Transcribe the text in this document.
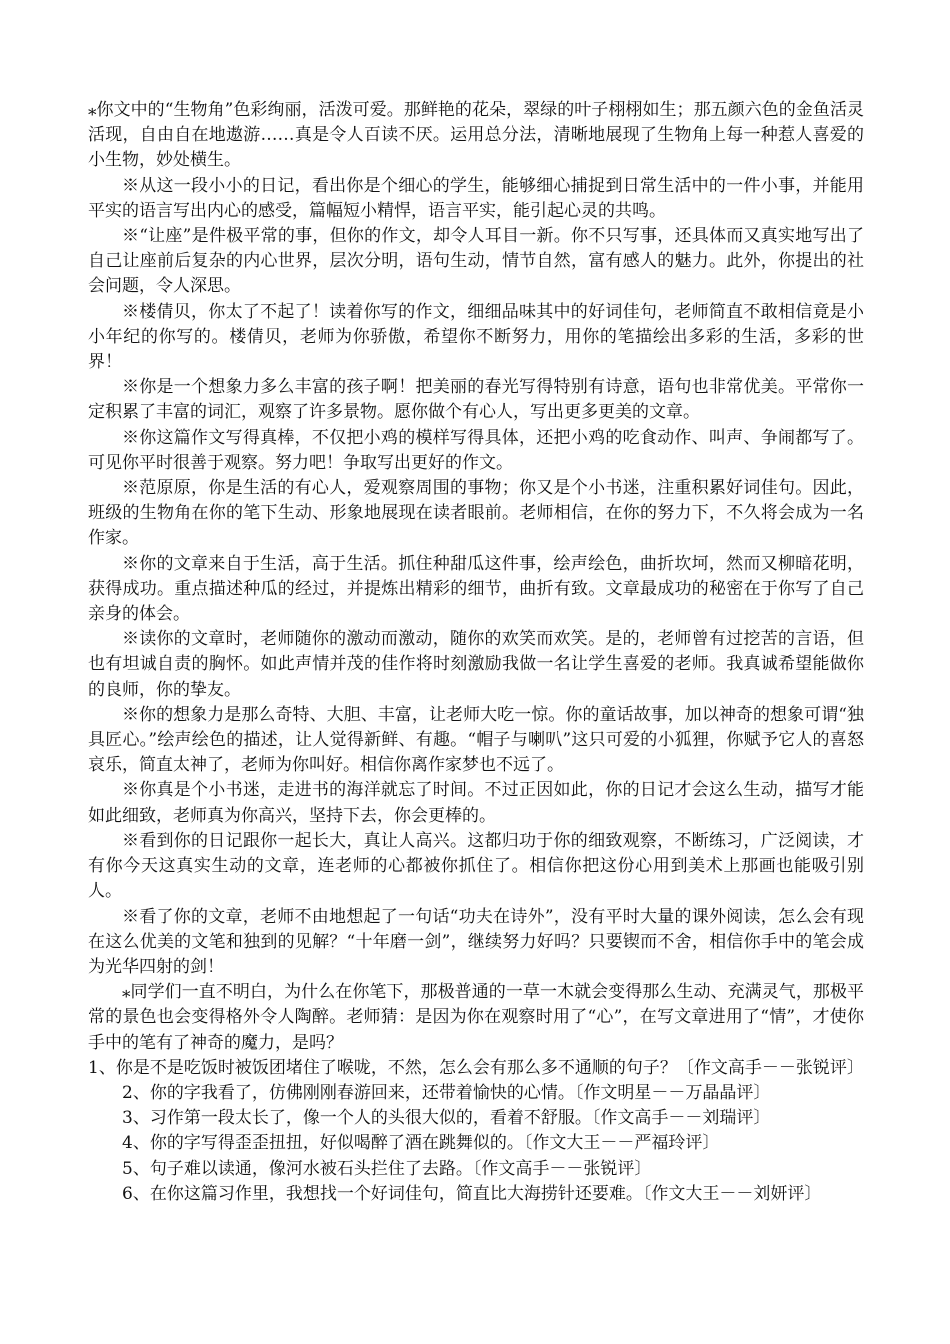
⁎你文中的“生物角”色彩绚丽，活泼可爱。那鲜艳的花朵，翠绿的叶子栩栩如生；那五颜六色的金鱼活灵活现，自由自在地遨游……真是令人百读不厌。运用总分法，清晰地展现了生物角上每一种惹人喜爱的小生物，妙处横生。

※从这一段小小的日记，看出你是个细心的学生，能够细心捕捉到日常生活中的一件小事，并能用平实的语言写出内心的感受，篇幅短小精悍，语言平实，能引起心灵的共鸣。

※“让座”是件极平常的事，但你的作文，却令人耳目一新。你不只写事，还具体而又真实地写出了自己让座前后复杂的内心世界，层次分明，语句生动，情节自然，富有感人的魅力。此外，你提出的社会问题，令人深思。

※楼倩贝，你太了不起了！读着你写的作文，细细品味其中的好词佳句，老师简直不敢相信竟是小小年纪的你写的。楼倩贝，老师为你骄傲，希望你不断努力，用你的笔描绘出多彩的生活，多彩的世界！

※你是一个想象力多么丰富的孩子啊！把美丽的春光写得特别有诗意，语句也非常优美。平常你一定积累了丰富的词汇，观察了许多景物。愿你做个有心人，写出更多更美的文章。

※你这篇作文写得真棒，不仅把小鸡的模样写得具体，还把小鸡的吃食动作、叫声、争闹都写了。可见你平时很善于观察。努力吧！争取写出更好的作文。

※范原原，你是生活的有心人，爱观察周围的事物；你又是个小书迷，注重积累好词佳句。因此，班级的生物角在你的笔下生动、形象地展现在读者眼前。老师相信，在你的努力下，不久将会成为一名作家。

※你的文章来自于生活，高于生活。抓住种甜瓜这件事，绘声绘色，曲折坎坷，然而又柳暗花明，获得成功。重点描述种瓜的经过，并提炼出精彩的细节，曲折有致。文章最成功的秘密在于你写了自己亲身的体会。

※读你的文章时，老师随你的激动而激动，随你的欢笑而欢笑。是的，老师曾有过挖苦的言语，但也有坦诚自责的胸怀。如此声情并茂的佳作将时刻激励我做一名让学生喜爱的老师。我真诚希望能做你的良师，你的挚友。

※你的想象力是那么奇特、大胆、丰富，让老师大吃一惊。你的童话故事，加以神奇的想象可谓“独具匠心。”绘声绘色的描述，让人觉得新鲜、有趣。“帽子与喇叭”这只可爱的小狐狸，你赋予它人的喜怒哀乐，简直太神了，老师为你叫好。相信你离作家梦也不远了。

※你真是个小书迷，走进书的海洋就忘了时间。不过正因如此，你的日记才会这么生动，描写才能如此细致，老师真为你高兴，坚持下去，你会更棒的。

※看到你的日记跟你一起长大，真让人高兴。这都归功于你的细致观察，不断练习，广泛阅读，才有你今天这真实生动的文章，连老师的心都被你抓住了。相信你把这份心用到美术上那画也能吸引别人。

※看了你的文章，老师不由地想起了一句话“功夫在诗外”，没有平时大量的课外阅读，怎么会有现在这么优美的文笔和独到的见解？“十年磨一剑”，继续努力好吗？只要锲而不舍，相信你手中的笔会成为光华四射的剑！

⁎同学们一直不明白，为什么在你笔下，那极普通的一草一木就会变得那么生动、充满灵气，那极平常的景色也会变得格外令人陶醉。老师猜：是因为你在观察时用了“心”，在写文章进用了“情”，才使你手中的笔有了神奇的魔力，是吗？

1、你是不是吃饭时被饭团堵住了喉咙，不然，怎么会有那么多不通顺的句子？〔作文高手－－张锐评〕

2、你的字我看了，仿佛刚刚春游回来，还带着愉快的心情。〔作文明星－－万晶晶评〕

3、习作第一段太长了，像一个人的头很大似的，看着不舒服。〔作文高手－－刘瑞评〕

4、你的字写得歪歪扭扭，好似喝醉了酒在跳舞似的。〔作文大王－－严福玲评〕

5、句子难以读通，像河水被石头拦住了去路。〔作文高手－－张锐评〕

6、在你这篇习作里，我想找一个好词佳句，简直比大海捞针还要难。〔作文大王－－刘妍评〕
